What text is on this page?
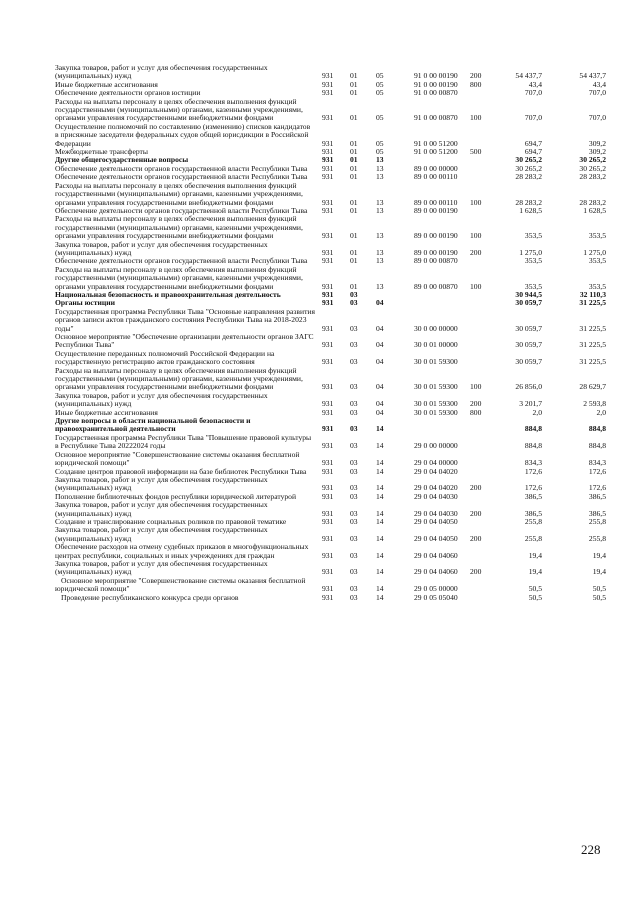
Закупка товаров, работ и услуг для обеспечения государственных (муниципальных) нужд	931 01 05	91 0 00 00190 200	54 437,7	54 437,7
Иные бюджетные ассигнования	931 01 05	91 0 00 00190 800	43,4	43,4
Обеспечение деятельности органов юстиции	931 01 05	91 0 00 00870	707,0	707,0
Расходы на выплаты персоналу в целях обеспечения выполнения функций государственными (муниципальными) органами, казенными учреждениями, органами управления государственными внебюджетными фондами	931 01 05	91 0 00 00870 100	707,0	707,0
Осуществление полномочий по составлению (изменению) списков кандидатов в присяжные заседатели федеральных судов общей юрисдикции в Российской Федерации	931 01 05	91 0 00 51200	694,7	309,2
Межбюджетные трансферты	931 01 05	91 0 00 51200 500	694,7	309,2
Другие общегосударственные вопросы	931 01 13	30 265,2	30 265,2
Обеспечение деятельности органов государственной власти Республики Тыва	931 01 13	89 0 00 00000	30 265,2	30 265,2
Обеспечение деятельности органов государственной власти Республики Тыва	931 01 13	89 0 00 00110	28 283,2	28 283,2
Расходы на выплаты персоналу в целях обеспечения выполнения функций государственными (муниципальными) органами, казенными учреждениями, органами управления государственными внебюджетными фондами	931 01 13	89 0 00 00110 100	28 283,2	28 283,2
Обеспечение деятельности органов государственной власти Республики Тыва	931 01 13	89 0 00 00190	1 628,5	1 628,5
Расходы на выплаты персоналу в целях обеспечения выполнения функций государственными (муниципальными) органами, казенными учреждениями, органами управления государственными внебюджетными фондами	931 01 13	89 0 00 00190 100	353,5	353,5
Закупка товаров, работ и услуг для обеспечения государственных (муниципальных) нужд	931 01 13	89 0 00 00190 200	1 275,0	1 275,0
Обеспечение деятельности органов государственной власти Республики Тыва	931 01 13	89 0 00 00870	353,5	353,5
Расходы на выплаты персоналу в целях обеспечения выполнения функций государственными (муниципальными) органами, казенными учреждениями, органами управления государственными внебюджетными фондами	931 01 13	89 0 00 00870 100	353,5	353,5
Национальная безопасность и правоохранительная деятельность	931 03	30 944,5	32 110,3
Органы юстиции	931 03 04	30 059,7	31 225,5
Государственная программа Республики Тыва "Основные направления развития органов записи актов гражданского состояния Республики Тыва на 2018-2023 годы"	931 03 04	30 0 00 00000	30 059,7	31 225,5
Основное мероприятие "Обеспечение организации деятельности органов ЗАГС Республики Тыва"	931 03 04	30 0 01 00000	30 059,7	31 225,5
Осуществление переданных полномочий Российской Федерации на государственную регистрацию актов гражданского состояния	931 03 04	30 0 01 59300	30 059,7	31 225,5
Расходы на выплаты персоналу в целях обеспечения выполнения функций государственными (муниципальными) органами, казенными учреждениями, органами управления государственными внебюджетными фондами	931 03 04	30 0 01 59300 100	26 856,0	28 629,7
Закупка товаров, работ и услуг для обеспечения государственных (муниципальных) нужд	931 03 04	30 0 01 59300 200	3 201,7	2 593,8
Иные бюджетные ассигнования	931 03 04	30 0 01 59300 800	2,0	2,0
Другие вопросы в области национальной безопасности и правоохранительной деятельности	931 03 14	884,8	884,8
Государственная программа Республики Тыва "Повышение правовой культуры в Республике Тыва 20222024 годы	931 03 14	29 0 00 00000	884,8	884,8
Основное мероприятие "Совершенствование системы оказания бесплатной юридической помощи"	931 03 14	29 0 04 00000	834,3	834,3
Создание центров правовой информации на базе библиотек Республики Тыва	931 03 14	29 0 04 04020	172,6	172,6
Закупка товаров, работ и услуг для обеспечения государственных (муниципальных) нужд	931 03 14	29 0 04 04020 200	172,6	172,6
Пополнение библиотечных фондов республики юридической литературой	931 03 14	29 0 04 04030	386,5	386,5
Закупка товаров, работ и услуг для обеспечения государственных (муниципальных) нужд	931 03 14	29 0 04 04030 200	386,5	386,5
Создание и транслирование социальных роликов по правовой тематике	931 03 14	29 0 04 04050	255,8	255,8
Закупка товаров, работ и услуг для обеспечения государственных (муниципальных) нужд	931 03 14	29 0 04 04050 200	255,8	255,8
Обеспечение расходов на отмену судебных приказов в многофункциональных центрах республики, социальных и иных учреждениях для граждан	931 03 14	29 0 04 04060	19,4	19,4
Закупка товаров, работ и услуг для обеспечения государственных (муниципальных) нужд	931 03 14	29 0 04 04060 200	19,4	19,4
Основное мероприятие "Совершенствование системы оказания бесплатной юридической помощи"	931 03 14	29 0 05 00000	50,5	50,5
Проведение республиканского конкурса среди органов	931 03 14	29 0 05 05040	50,5	50,5
228
